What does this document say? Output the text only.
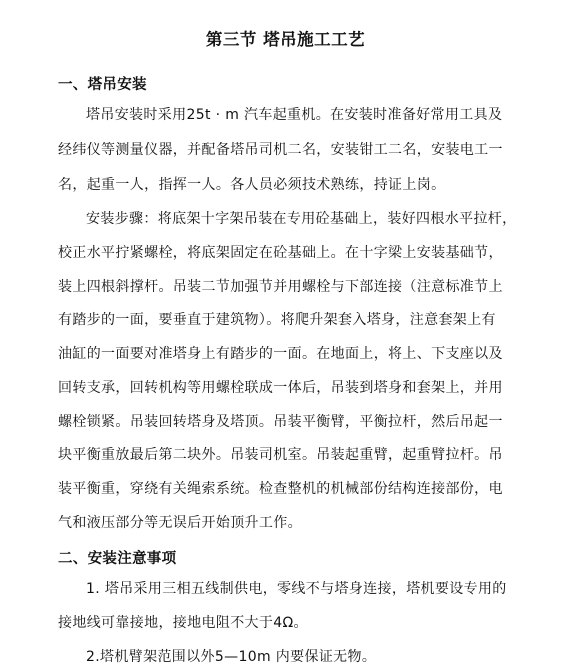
第三节 塔吊施工工艺
一、塔吊安装
塔吊安装时采用25t · m 汽车起重机。在安装时准备好常用工具及
经纬仪等测量仪器，并配备塔吊司机二名，安装钳工二名，安装电工一
名，起重一人，指挥一人。各人员必须技术熟练，持证上岗。
安装步骤：将底架十字架吊装在专用砼基础上，装好四根水平拉杆，
校正水平拧紧螺栓，将底架固定在砼基础上。在十字梁上安装基础节，
装上四根斜撑杆。吊装二节加强节并用螺栓与下部连接（注意标准节上
有踏步的一面，要垂直于建筑物）。将爬升架套入塔身，注意套架上有
油缸的一面要对准塔身上有踏步的一面。在地面上，将上、下支座以及
回转支承，回转机构等用螺栓联成一体后，吊装到塔身和套架上，并用
螺栓锁紧。吊装回转塔身及塔顶。吊装平衡臂，平衡拉杆，然后吊起一
块平衡重放最后第二块外。吊装司机室。吊装起重臂，起重臂拉杆。吊
装平衡重，穿绕有关绳索系统。检查整机的机械部份结构连接部份，电
气和液压部分等无误后开始顶升工作。
二、安装注意事项
1. 塔吊采用三相五线制供电，零线不与塔身连接，塔机要设专用的
接地线可靠接地，接地电阻不大于4Ω。
2.塔机臂架范围以外5—10m 内要保证无物。
